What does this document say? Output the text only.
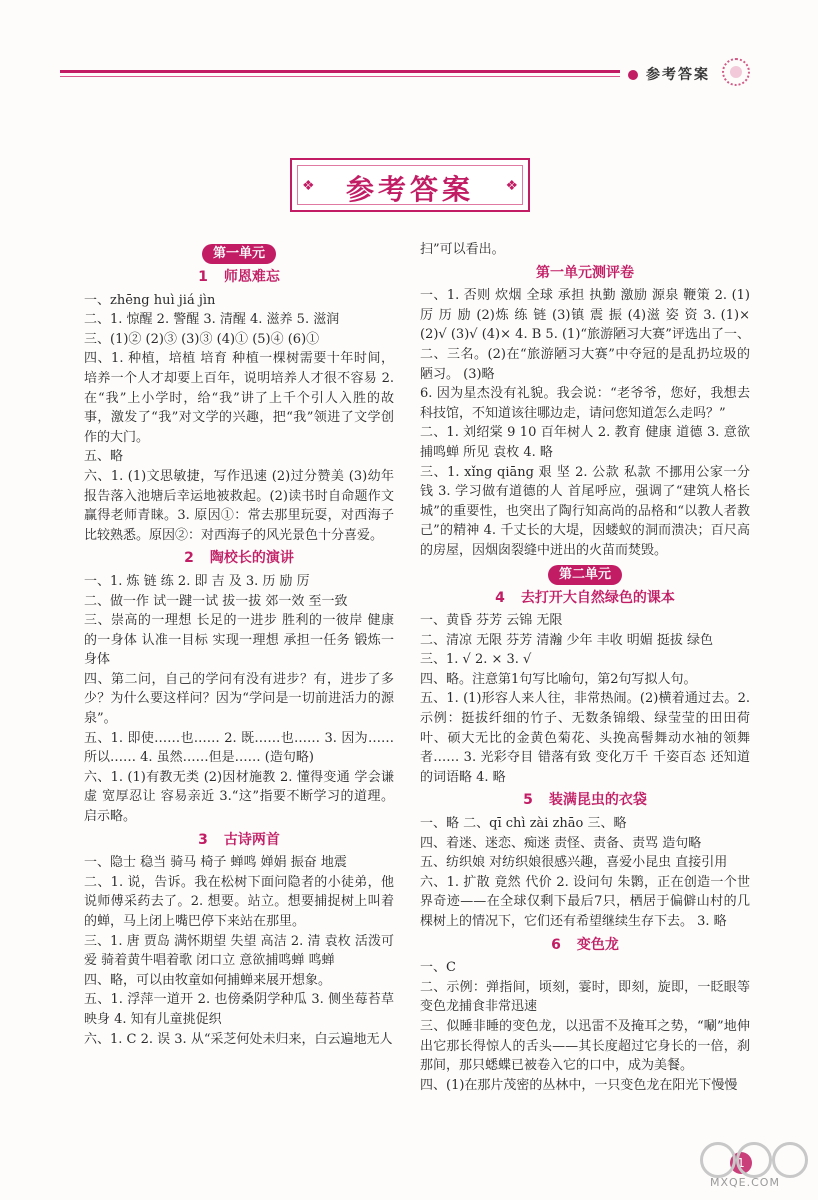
参考答案
❖	参考答案	❖
第一单元
1 师恩难忘

一、zhēng huì jiá jìn

二、1. 惊醒 2. 警醒 3. 清醒 4. 滋养 5. 滋润

三、(1)② (2)③ (3)③ (4)① (5)④ (6)①

四、1. 种植，培植 培育 种植一棵树需要十年时间，培养一个人才却要上百年，说明培养人才很不容易 2. 在“我”上小学时，给“我”讲了上千个引人入胜的故事，激发了“我”对文学的兴趣，把“我”领进了文学创作的大门。

五、略

六、1. (1)文思敏捷，写作迅速 (2)过分赞美 (3)幼年报告落入池塘后幸运地被救起。(2)读书时自命题作文赢得老师青睐。3. 原因①：常去那里玩耍，对西海子比较熟悉。原因②：对西海子的风光景色十分喜爱。

2 陶校长的演讲

一、1. 炼 链 练 2. 即 吉 及 3. 历 励 厉

二、做一作 试一踺一试 拔一拔 郊一效 至一致

三、崇高的一理想 长足的一进步 胜利的一彼岸 健康的一身体 认准一目标 实现一理想 承担一任务 锻炼一身体

四、第二问，自己的学问有没有进步？有，进步了多少？为什么要这样问？因为“学问是一切前进活力的源泉”。

五、1. 即使……也…… 2. 既……也…… 3. 因为……所以…… 4. 虽然……但是…… (造句略)

六、1. (1)有教无类 (2)因材施教 2. 懂得变通 学会谦虚 宽厚忍让 容易亲近 3.“这”指要不断学习的道理。启示略。

3 古诗两首

一、隐士 稳当 骑马 椅子 蝉鸣 婵娟 振奋 地震

二、1. 说，告诉。我在松树下面问隐者的小徒弟，他说师傅采药去了。2. 想要。站立。想要捕捉树上叫着的蝉，马上闭上嘴巴停下来站在那里。

三、1. 唐 贾岛 满怀期望 失望 高洁 2. 清 袁枚 活泼可爱 骑着黄牛唱着歌 闭口立 意欲捕鸣蝉 鸣蝉

四、略，可以由牧童如何捕蝉来展开想象。

五、1. 浮萍一道开 2. 也傍桑阴学种瓜 3. 侧坐莓苔草映身 4. 知有儿童挑促织

六、1. C 2. 误 3. 从“采芝何处未归来，白云遍地无人

扫”可以看出。

第一单元测评卷

一、1. 否则 炊烟 全球 承担 执勤 激励 源泉 鞭策 2. (1)厉 历 励 (2)炼 练 链 (3)镇 震 振 (4)滋 姿 资 3. (1)× (2)√ (3)√ (4)× 4. B 5. (1)“旅游陋习大赛”评选出了一、二、三名。(2)在“旅游陋习大赛”中夺冠的是乱扔垃圾的陋习。 (3)略

6. 因为星杰没有礼貌。我会说：“老爷爷，您好，我想去科技馆，不知道该往哪边走，请问您知道怎么走吗？”

二、1. 刘绍棠 9 10 百年树人 2. 教育 健康 道德 3. 意欲捕鸣蝉 所见 袁枚 4. 略

三、1. xǐng qiāng 艰 坚 2. 公款 私款 不挪用公家一分钱 3. 学习做有道德的人 首尾呼应，强调了“建筑人格长城”的重要性，也突出了陶行知高尚的品格和“以教人者教己”的精神 4. 千丈长的大堤，因蝼蚁的洞而溃决；百尺高的房屋，因烟囱裂缝中迸出的火苗而焚毁。

第二单元
4 去打开大自然绿色的课本

一、黄昏 芬芳 云锦 无限

二、清凉 无限 芬芳 清瀚 少年 丰收 明媚 挺拔 绿色

三、1. √ 2. × 3. √

四、略。注意第1句写比喻句，第2句写拟人句。

五、1. (1)形容人来人往，非常热闹。(2)横着通过去。2. 示例：挺拔纤细的竹子、无数条锦缎、绿莹莹的田田荷叶、硕大无比的金黄色菊花、头挽高髻舞动水袖的领舞者…… 3. 光彩夺目 错落有致 变化万千 千姿百态 还知道的词语略 4. 略

5 装满昆虫的衣袋

一、略 二、qī chì zài zhāo 三、略

四、着迷、迷恋、痴迷 责怪、责备、责骂 造句略

五、纺织娘 对纺织娘很感兴趣，喜爱小昆虫 直接引用

六、1. 扩散 竟然 代价 2. 设问句 朱鹮，正在创造一个世界奇迹——在全球仅剩下最后7只，栖居于偏僻山村的几棵树上的情况下，它们还有希望继续生存下去。 3. 略

6 变色龙

一、C

二、示例：弹指间，顷刻，霎时，即刻，旋即，一眨眼等 变色龙捕食非常迅速

三、似睡非睡的变色龙，以迅雷不及掩耳之势，“唰”地伸出它那长得惊人的舌头——其长度超过它身长的一倍，刹那间，那只蟋蝶已被卷入它的口中，成为美餐。

四、(1)在那片茂密的丛林中，一只变色龙在阳光下慢慢

1
MXQE.COM
